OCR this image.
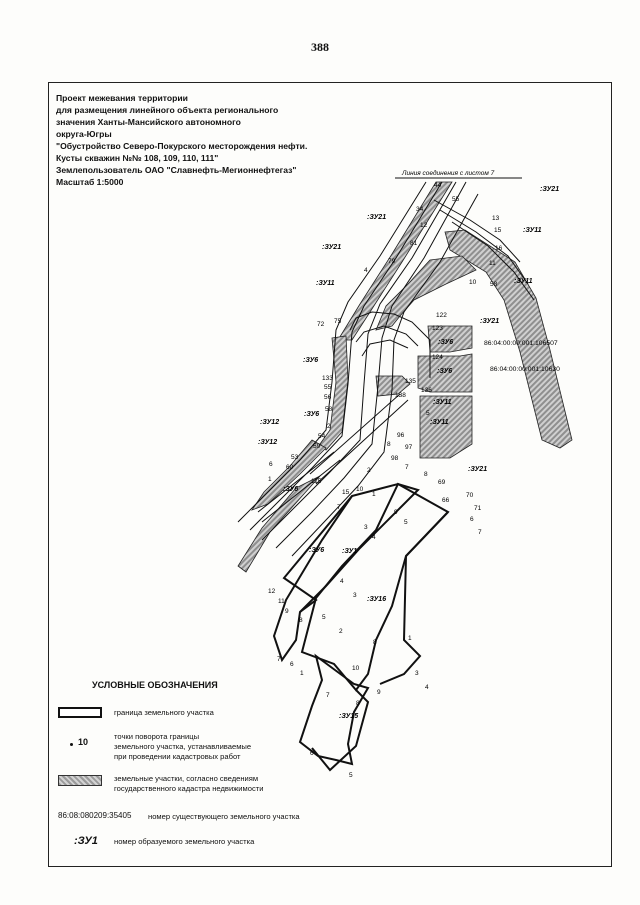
388
Проект межевания территории
для размещения линейного объекта регионального
значения Ханты-Мансийского автономного
округа-Югры
"Обустройство Северо-Покурского месторождения нефти.
Кусты скважин №№ 108, 109, 110, 111"
Землепользователь ОАО "Славнефть-Мегионнефтегаз"
Масштаб 1:5000
Линия соединения с листом 7
:ЗУ21
:ЗУ21
:ЗУ21
:ЗУ21
:ЗУ21
:ЗУ11
:ЗУ11	:ЗУ11
:ЗУ11
:ЗУ11
:ЗУ6
:ЗУ6
:ЗУ6
:ЗУ6
:ЗУ6
:ЗУ6
:ЗУ12
:ЗУ12
:ЗУ1
:ЗУ16
:ЗУ15
86:04:00:00:001:106507
86:04:00:00:001:10630
44
55
34
13
15
12
81
16
11
10 58
79
4
72 75
122
123
124
135
136
138
133
55
56
58
5
2
54
59
53
60
6
1	115
15
7
8
98
96
97
7
8
69
10
2
1
66
70
71
6
7
3
4
5
9
4
12
11
9
8	5
3
2
1
8
7
6
1
10
3
4
7	9
8
6
5
УСЛОВНЫЕ ОБОЗНАЧЕНИЯ
граница земельного участка
10
точки поворота границы
земельного участка, устанавливаемые
при проведении кадастровых работ
земельные участки, согласно сведениям
государственного кадастра недвижимости
86:08:080209:35405 номер существующего земельного участка
:ЗУ1 номер образуемого земельного участка
